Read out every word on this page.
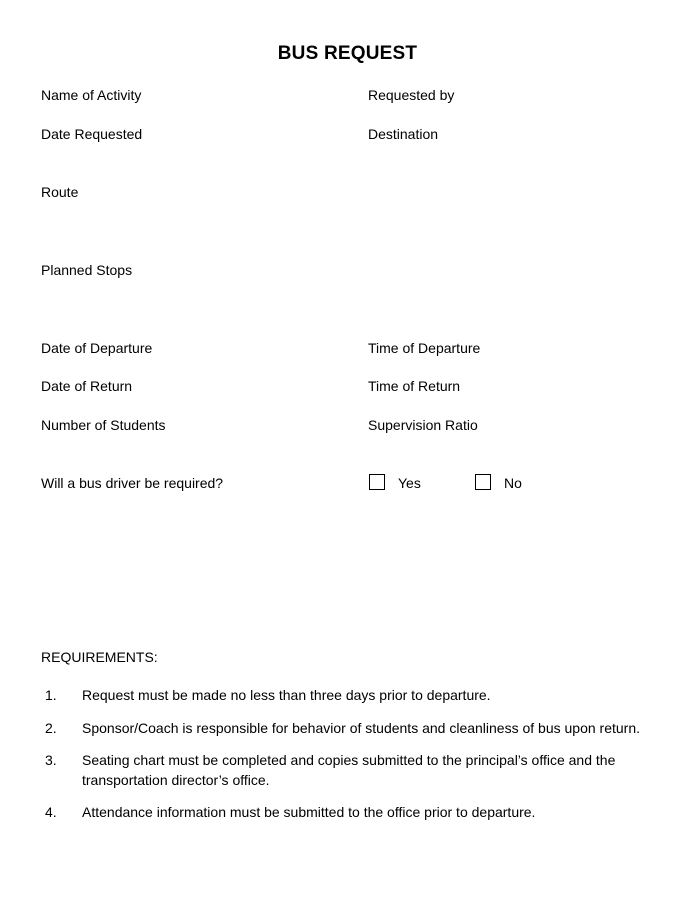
BUS REQUEST
Name of Activity	Requested by
Date Requested	Destination
Route
Planned Stops
Date of Departure	Time of Departure
Date of Return	Time of Return
Number of Students	Supervision Ratio
Will a bus driver be required?	Yes	No
REQUIREMENTS:
1. Request must be made no less than three days prior to departure.
2. Sponsor/Coach is responsible for behavior of students and cleanliness of bus upon return.
3. Seating chart must be completed and copies submitted to the principal’s office and the transportation director’s office.
4. Attendance information must be submitted to the office prior to departure.
